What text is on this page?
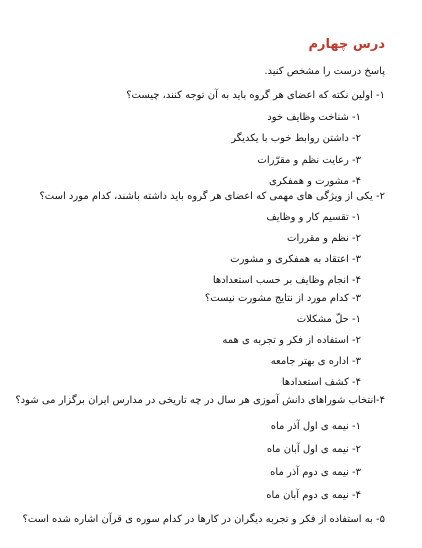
درس چهارم
پاسخ درست را مشخص کنید.
۱- اولین نکته که اعضای هر گروه باید به آن توجه کنند، چیست؟
۱- شناخت وظایف خود
۲- داشتن روابط خوب با یکدیگر
۳- رعایت نظم و مقرّرات
۴- مشورت و همفکری
۲- یکی از ویژگی های مهمی که اعضای هر گروه باید داشته باشند، کدام مورد است؟
۱- تقسیم کار و وظایف
۲- نظم و مقررات
۳- اعتقاد به همفکری و مشورت
۴- انجام وظایف بر حسب استعدادها
۳- کدام مورد از نتایج مشورت نیست؟
۱- حلّ مشکلات
۲- استفاده از فکر و تجربه ی همه
۳- اداره ی بهتر جامعه
۴- کشف استعدادها
۴-انتخاب شوراهای دانش آموزی هر سال در چه تاریخی در مدارس ایران برگزار می شود؟
۱- نیمه ی اول آذر ماه
۲- نیمه ی اول آبان ماه
۳- نیمه ی دوم آذر ماه
۴- نیمه ی دوم آبان ماه
۵- به استفاده از فکر و تجربه دیگران در کارها در کدام سوره ی قرآن اشاره شده است؟
